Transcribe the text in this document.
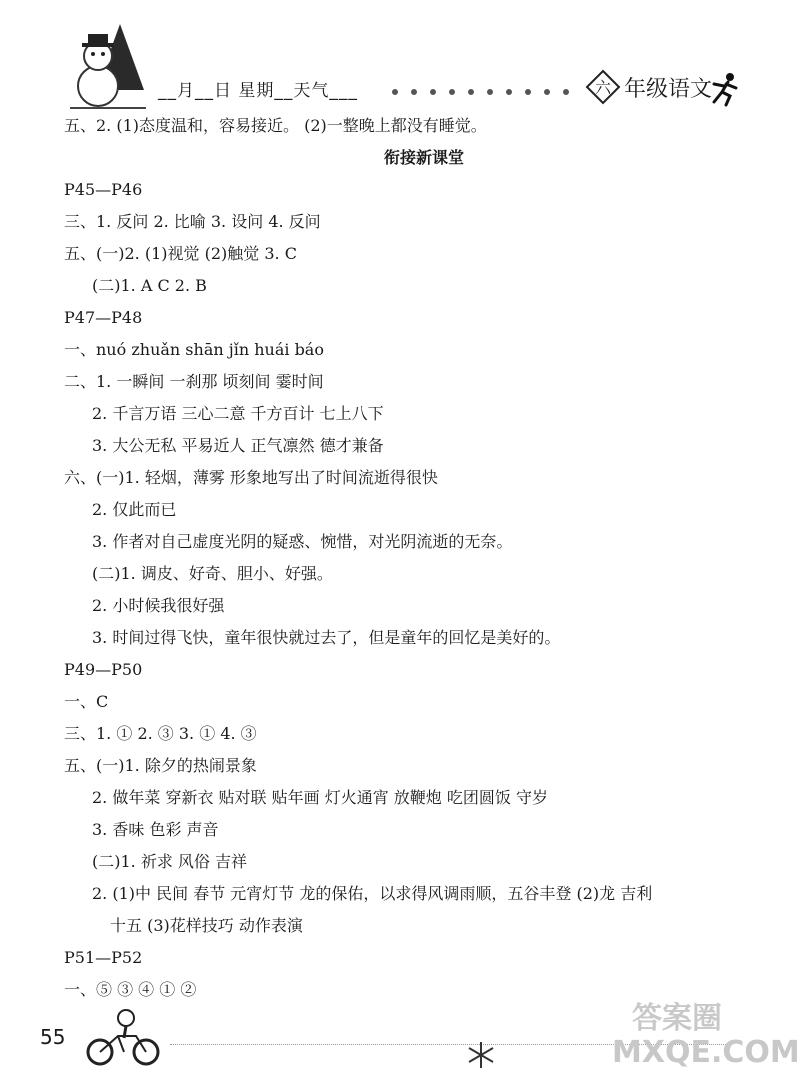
__月__日 星期__天气___	六 年级语文
五、2. (1)态度温和，容易接近。 (2)一整晚上都没有睡觉。
衔接新课堂
P45—P46
三、1. 反问 2. 比喻 3. 设问 4. 反问
五、(一)2. (1)视觉 (2)触觉 3. C
(二)1. A C 2. B
P47—P48
一、nuó zhuǎn shān jǐn huái báo
二、1. 一瞬间 一刹那 顷刻间 霎时间
2. 千言万语 三心二意 千方百计 七上八下
3. 大公无私 平易近人 正气凛然 德才兼备
六、(一)1. 轻烟，薄雾 形象地写出了时间流逝得很快
2. 仅此而已
3. 作者对自己虚度光阴的疑惑、惋惜，对光阴流逝的无奈。
(二)1. 调皮、好奇、胆小、好强。
2. 小时候我很好强
3. 时间过得飞快，童年很快就过去了，但是童年的回忆是美好的。
P49—P50
一、C
三、1. ① 2. ③ 3. ① 4. ③
五、(一)1. 除夕的热闹景象
2. 做年菜 穿新衣 贴对联 贴年画 灯火通宵 放鞭炮 吃团圆饭 守岁
3. 香味 色彩 声音
(二)1. 祈求 风俗 吉祥
2. (1)中 民间 春节 元宵灯节 龙的保佑，以求得风调雨顺，五谷丰登 (2)龙 吉利
十五 (3)花样技巧 动作表演
P51—P52
一、⑤ ③ ④ ① ②
55
答案圈 MXQE.COM
